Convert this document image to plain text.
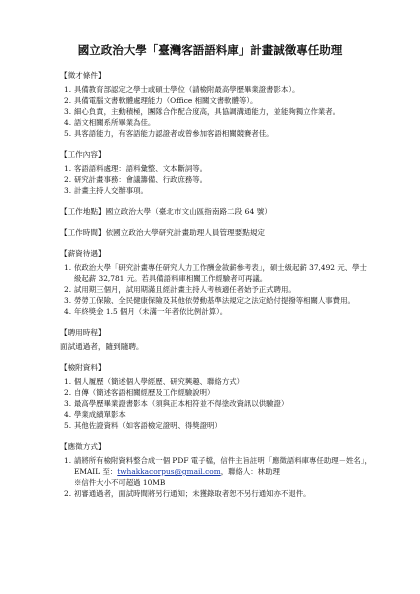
國立政治大學「臺灣客語語料庫」計畫誠徵專任助理
【徵才條件】
1. 具備教育部認定之學士或碩士學位（請檢附最高學歷畢業證書影本）。
2. 具備電腦文書軟體處理能力（Office 相關文書軟體等）。
3. 細心負責，主動積極，團隊合作配合度高，具協調溝通能力，並能夠獨立作業者。
4. 語文相關系所畢業為佳。
5. 具客語能力，有客語能力認證者或曾參加客語相關競賽者佳。
【工作內容】
1. 客語語料處理：語料彙整、文本斷詞等。
2. 研究計畫事務：會議籌備、行政庶務等。
3. 計畫主持人交辦事項。
【工作地點】國立政治大學（臺北市文山區指南路二段 64 號）
【工作時間】依國立政治大學研究計畫助理人員管理要點規定
【薪資待遇】
1. 依政治大學「研究計畫專任研究人力工作酬金敘薪參考表」，碩士級起薪 37,492 元、學士級起薪 32,781 元。若具備語料庫相關工作經驗者可再議。
2. 試用期三個月，試用期滿且經計畫主持人考核適任者始予正式聘用。
3. 勞勞工保險、全民健康保險及其他依勞動基準法規定之法定給付提撥等相關人事費用。
4. 年終獎金 1.5 個月（未滿一年者依比例計算）。
【聘用時程】
面試通過者，隨到隨聘。
【檢附資料】
1. 個人履歷（簡述個人學經歷、研究興趣、聯絡方式）
2. 自傳（簡述客語相關經歷及工作經驗說明）
3. 最高學歷畢業證書影本（須與正本相符並不得塗改資訊以供驗證）
4. 學業成績單影本
5. 其他佐證資料（如客語檢定證明、得獎證明）
【應徵方式】
1. 請將所有檢附資料整合成一個 PDF 電子檔，信件主旨註明「應徵語料庫專任助理－姓名」，EMAIL 至：twhakkacorpus@gmail.com，聯絡人：林助理
※信件大小不可超過 10MB
2. 初審通過者，面試時間將另行通知；未獲錄取者恕不另行通知亦不退件。
